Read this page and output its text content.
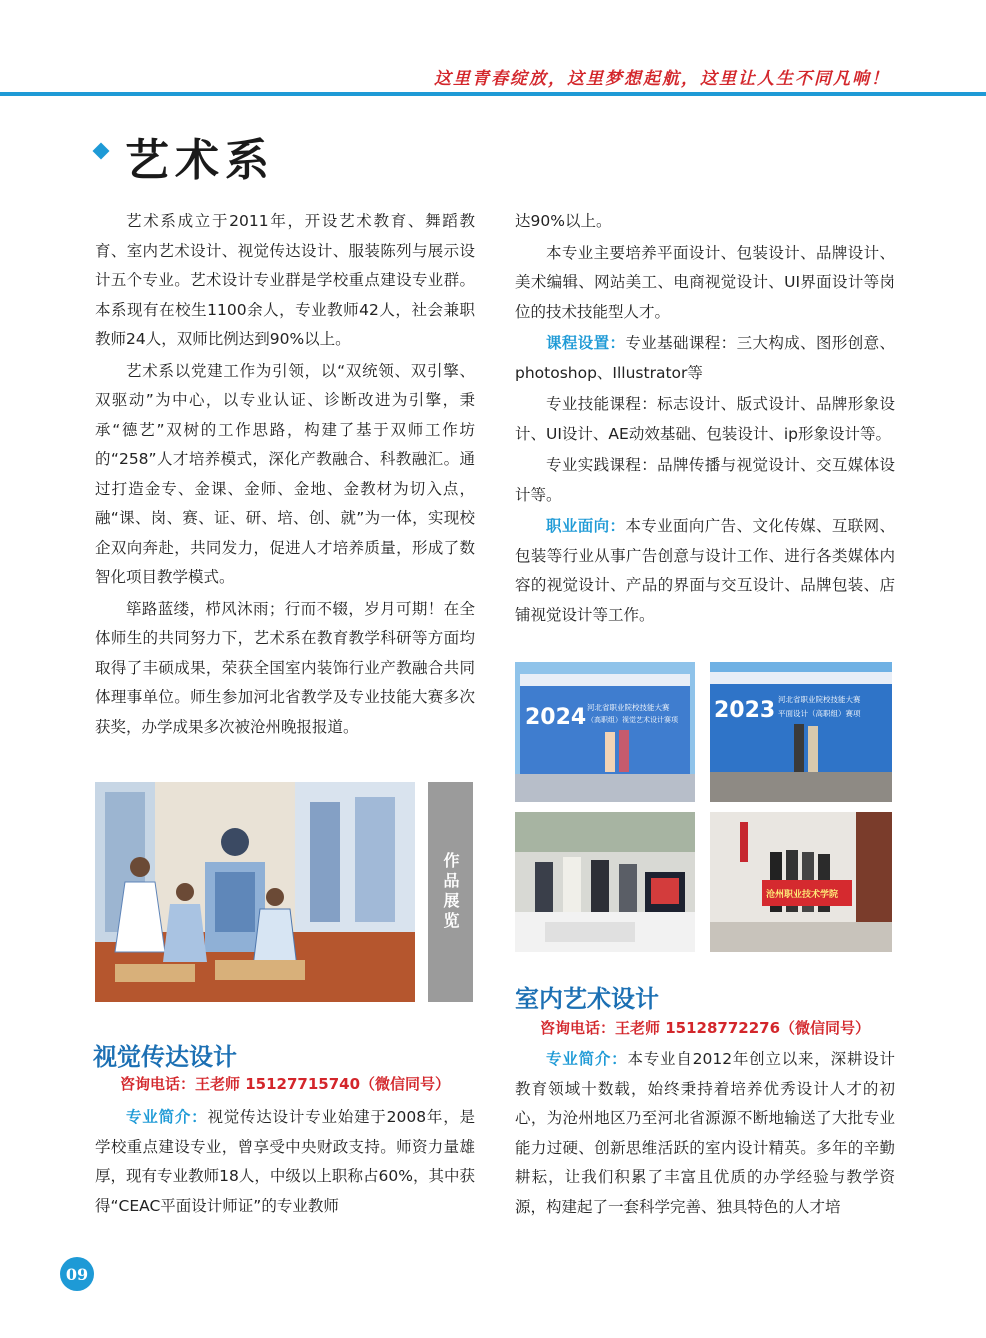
这里青春绽放，这里梦想起航，这里让人生不同凡响！
艺术系

艺术系成立于2011年，开设艺术教育、舞蹈教育、室内艺术设计、视觉传达设计、服装陈列与展示设计五个专业。艺术设计专业群是学校重点建设专业群。本系现有在校生1100余人，专业教师42人，社会兼职教师24人，双师比例达到90%以上。

艺术系以党建工作为引领，以“双统领、双引擎、双驱动”为中心，以专业认证、诊断改进为引擎，秉承“德艺”双树的工作思路，构建了基于双师工作坊的“258”人才培养模式，深化产教融合、科教融汇。通过打造金专、金课、金师、金地、金教材为切入点，融“课、岗、赛、证、研、培、创、就”为一体，实现校企双向奔赴，共同发力，促进人才培养质量，形成了数智化项目教学模式。

筚路蓝缕，栉风沐雨；行而不辍，岁月可期！在全体师生的共同努力下，艺术系在教育教学科研等方面均取得了丰硕成果，荣获全国室内装饰行业产教融合共同体理事单位。师生参加河北省教学及专业技能大赛多次获奖，办学成果多次被沧州晚报报道。

作品展览
视觉传达设计
咨询电话：王老师 15127715740（微信同号）

专业简介：视觉传达设计专业始建于2008年，是学校重点建设专业，曾享受中央财政支持。师资力量雄厚，现有专业教师18人，中级以上职称占60%，其中获得“CEAC平面设计师证”的专业教师

达90%以上。

本专业主要培养平面设计、包装设计、品牌设计、美术编辑、网站美工、电商视觉设计、UI界面设计等岗位的技术技能型人才。

课程设置：专业基础课程：三大构成、图形创意、photoshop、Illustrator等

专业技能课程：标志设计、版式设计、品牌形象设计、UI设计、AE动效基础、包装设计、ip形象设计等。

专业实践课程：品牌传播与视觉设计、交互媒体设计等。

职业面向：本专业面向广告、文化传媒、互联网、包装等行业从事广告创意与设计工作、进行各类媒体内容的视觉设计、产品的界面与交互设计、品牌包装、店铺视觉设计等工作。

2024 河北省职业院校技能大赛
（高职组）视觉艺术设计赛项 2023 河北省职业院校技能大赛
平面设计（高职组）赛项
沧州职业技术学院
室内艺术设计
咨询电话：王老师 15128772276（微信同号）

专业简介：本专业自2012年创立以来，深耕设计教育领域十数载，始终秉持着培养优秀设计人才的初心，为沧州地区乃至河北省源源不断地输送了大批专业能力过硬、创新思维活跃的室内设计精英。多年的辛勤耕耘，让我们积累了丰富且优质的办学经验与教学资源，构建起了一套科学完善、独具特色的人才培

09
